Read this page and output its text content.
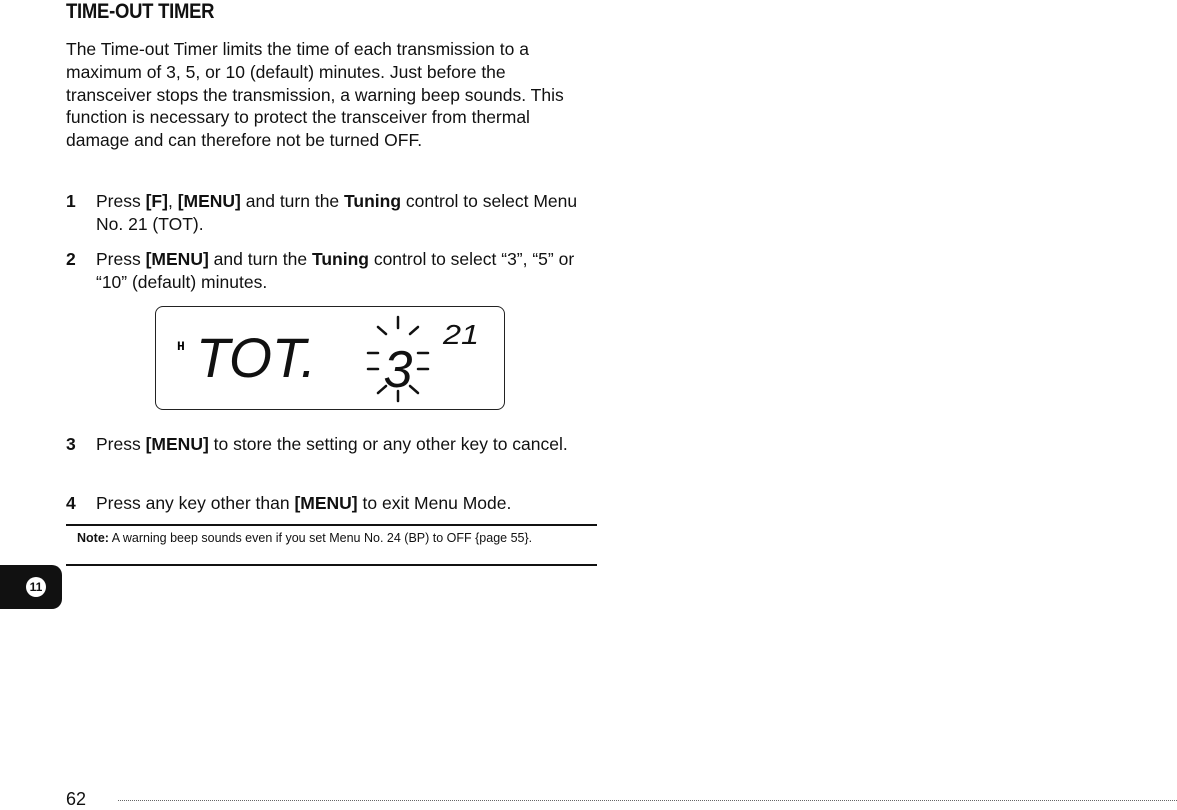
TIME-OUT TIMER

The Time-out Timer limits the time of each transmission to a maximum of 3, 5, or 10 (default) minutes. Just before the transceiver stops the transmission, a warning beep sounds. This function is necessary to protect the transceiver from thermal damage and can therefore not be turned OFF.

1 Press [F], [MENU] and turn the Tuning control to select Menu No. 21 (TOT).
2 Press [MENU] and turn the Tuning control to select “3”, “5” or “10” (default) minutes.
H TOT. 3
21
3 Press [MENU] to store the setting or any other key to cancel.
4 Press any key other than [MENU] to exit Menu Mode.
Note: A warning beep sounds even if you set Menu No. 24 (BP) to OFF {page 55}.
11
62
